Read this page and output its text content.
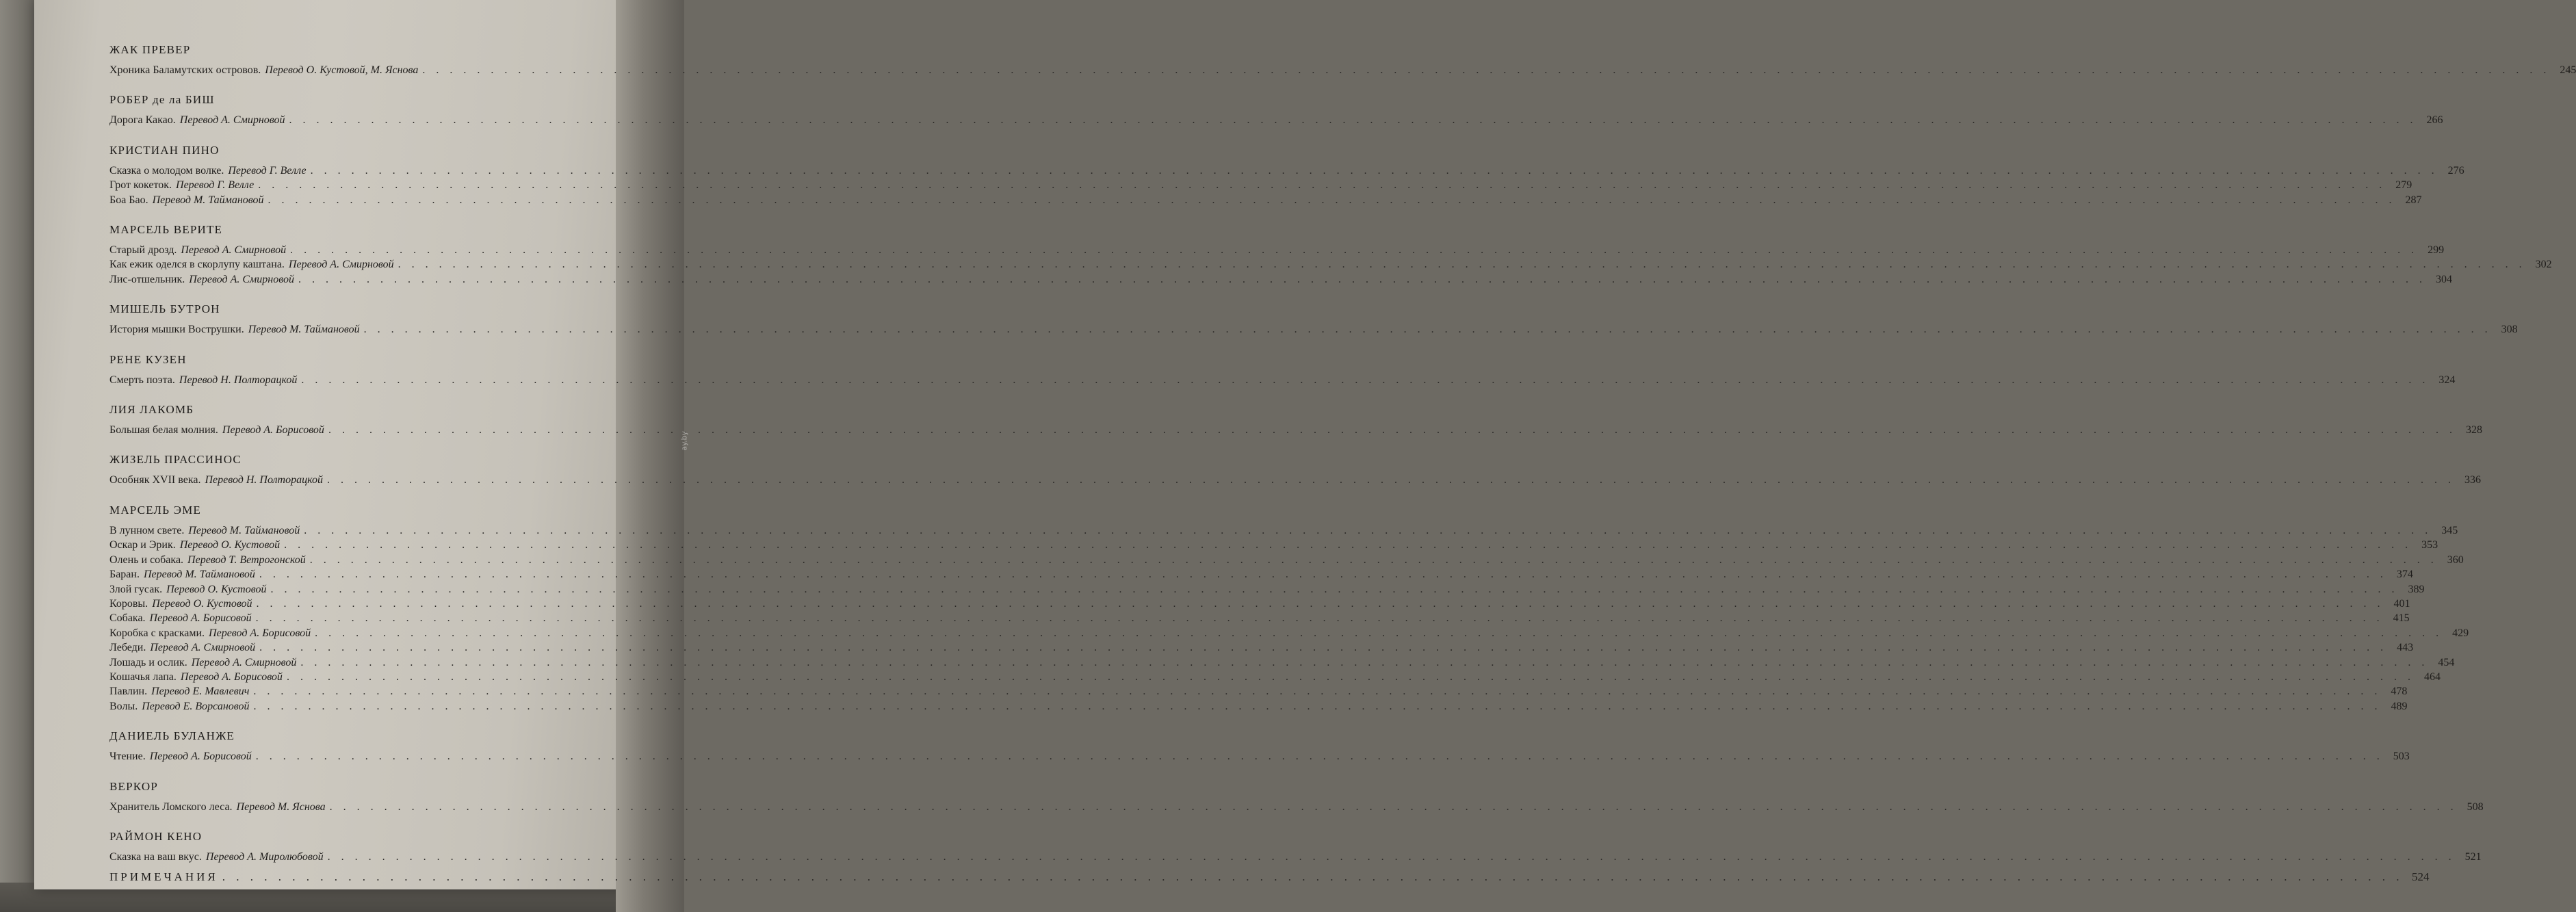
ЖАК ПРЕВЕР
Хроника Баламутских островов. Перевод О. Кустовой, М. Яснова . . .	245
РОБЕР де ла БИШ
Дорога Какао. Перевод А. Смирновой . . .	266
КРИСТИАН ПИНО
Сказка о молодом волке. Перевод Г. Велле . . .	276
Грот кокеток. Перевод Г. Велле . . .	279
Боа Бао. Перевод М. Таймановой . . .	287
МАРСЕЛЬ ВЕРИТЕ
Старый дрозд. Перевод А. Смирновой . . .	299
Как ежик оделся в скорлупу каштана. Перевод А. Смирновой . . .	302
Лис-отшельник. Перевод А. Смирновой . . .	304
МИШЕЛЬ БУТРОН
История мышки Вострушки. Перевод М. Таймановой . . .	308
РЕНЕ КУЗЕН
Смерть поэта. Перевод Н. Полторацкой . . .	324
ЛИЯ ЛАКОМБ
Большая белая молния. Перевод А. Борисовой . . .	328
ЖИЗЕЛЬ ПРАССИНОС
Особняк XVII века. Перевод Н. Полторацкой . . .	336
МАРСЕЛЬ ЭМЕ
В лунном свете. Перевод М. Таймановой . . .	345
Оскар и Эрик. Перевод О. Кустовой . . .	353
Олень и собака. Перевод Т. Ветрогонской . . .	360
Баран. Перевод М. Таймановой . . .	374
Злой гусак. Перевод О. Кустовой . . .	389
Коровы. Перевод О. Кустовой . . .	401
Собака. Перевод А. Борисовой . . .	415
Коробка с красками. Перевод А. Борисовой . . .	429
Лебеди. Перевод А. Смирновой . . .	443
Лошадь и ослик. Перевод А. Смирновой . . .	454
Кошачья лапа. Перевод А. Борисовой . . .	464
Павлин. Перевод Е. Мавлевич . . .	478
Волы. Перевод Е. Ворсановой . . .	489
ДАНИЕЛЬ БУЛАНЖЕ
Чтение. Перевод А. Борисовой . . .	503
ВЕРКОР
Хранитель Ломского леса. Перевод М. Яснова . . .	508
РАЙМОН КЕНО
Сказка на ваш вкус. Перевод А. Миролюбовой . . .	521
ПРИМЕЧАНИЯ . . .	524
ay.by
